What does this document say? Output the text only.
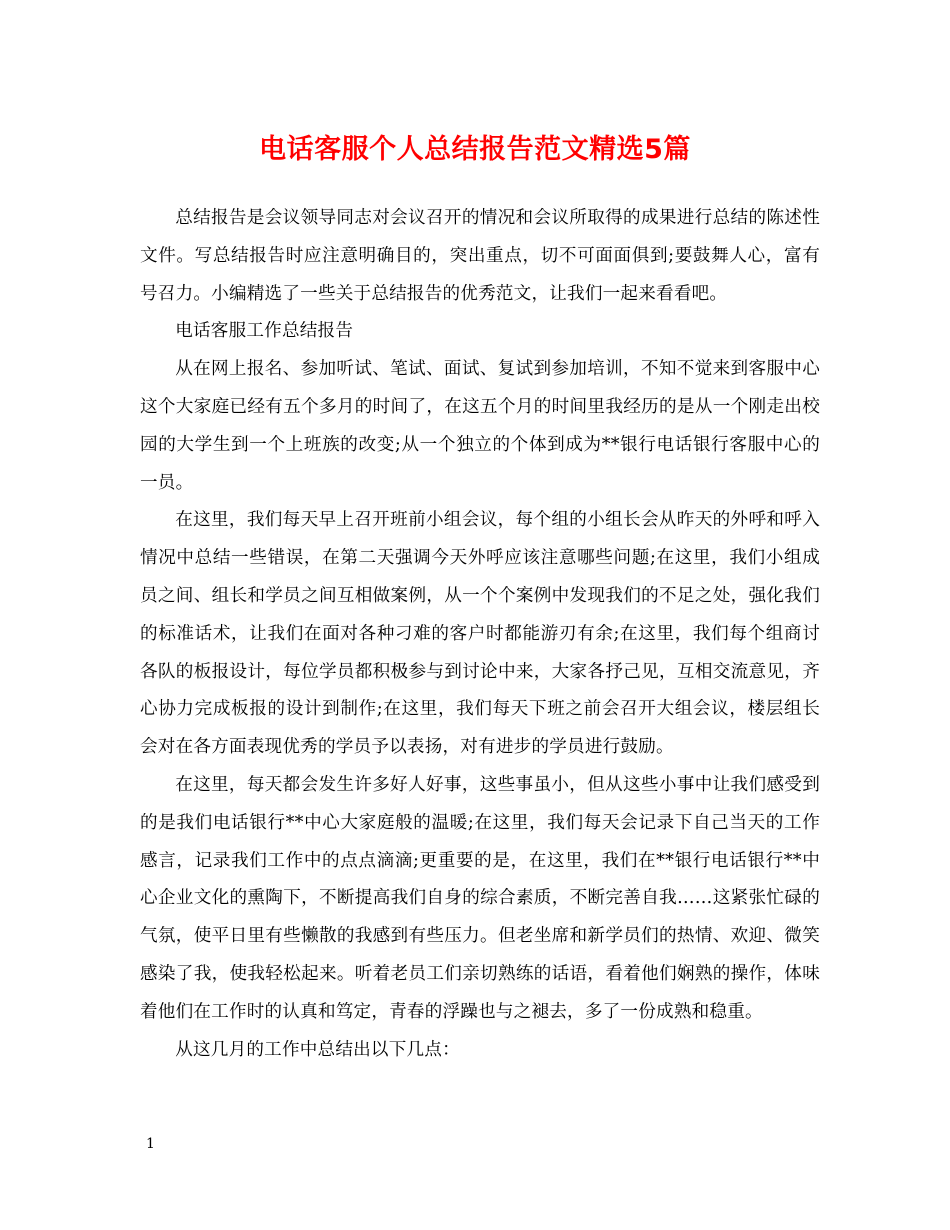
电话客服个人总结报告范文精选5篇

总结报告是会议领导同志对会议召开的情况和会议所取得的成果进行总结的陈述性文件。写总结报告时应注意明确目的，突出重点，切不可面面俱到;要鼓舞人心，富有号召力。小编精选了一些关于总结报告的优秀范文，让我们一起来看看吧。

电话客服工作总结报告

从在网上报名、参加听试、笔试、面试、复试到参加培训，不知不觉来到客服中心这个大家庭已经有五个多月的时间了，在这五个月的时间里我经历的是从一个刚走出校园的大学生到一个上班族的改变;从一个独立的个体到成为**银行电话银行客服中心的一员。

在这里，我们每天早上召开班前小组会议，每个组的小组长会从昨天的外呼和呼入情况中总结一些错误，在第二天强调今天外呼应该注意哪些问题;在这里，我们小组成员之间、组长和学员之间互相做案例，从一个个案例中发现我们的不足之处，强化我们的标准话术，让我们在面对各种刁难的客户时都能游刃有余;在这里，我们每个组商讨各队的板报设计，每位学员都积极参与到讨论中来，大家各抒己见，互相交流意见，齐心协力完成板报的设计到制作;在这里，我们每天下班之前会召开大组会议，楼层组长会对在各方面表现优秀的学员予以表扬，对有进步的学员进行鼓励。

在这里，每天都会发生许多好人好事，这些事虽小，但从这些小事中让我们感受到的是我们电话银行**中心大家庭般的温暖;在这里，我们每天会记录下自己当天的工作感言，记录我们工作中的点点滴滴;更重要的是，在这里，我们在**银行电话银行**中心企业文化的熏陶下，不断提高我们自身的综合素质，不断完善自我……这紧张忙碌的气氛，使平日里有些懒散的我感到有些压力。但老坐席和新学员们的热情、欢迎、微笑感染了我，使我轻松起来。听着老员工们亲切熟练的话语，看着他们娴熟的操作，体味着他们在工作时的认真和笃定，青春的浮躁也与之褪去，多了一份成熟和稳重。

从这几月的工作中总结出以下几点：

1
